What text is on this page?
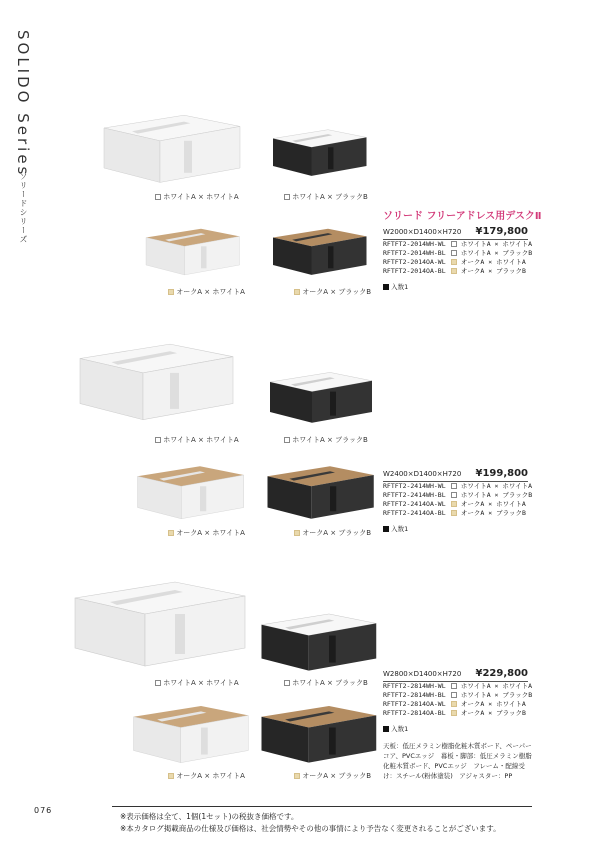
SOLIDO Series
ソリードシリーズ	ホワイトA × ホワイトA	ホワイトA × ブラックB
オークA × ホワイトA	オークA × ブラックB
ソリード フリーアドレス用デスクⅡ
W2000×D1400×H720 ¥179,800
RFTFT2-2014WH-WL ホワイトA × ホワイトA
RFTFT2-2014WH-BL ホワイトA × ブラックB
RFTFT2-2014OA-WL オークA × ホワイトA
RFTFT2-2014OA-BL オークA × ブラックB
入数1
ホワイトA × ホワイトA	ホワイトA × ブラックB
オークA × ホワイトA	オークA × ブラックB
W2400×D1400×H720 ¥199,800
RFTFT2-2414WH-WL ホワイトA × ホワイトA
RFTFT2-2414WH-BL ホワイトA × ブラックB
RFTFT2-2414OA-WL オークA × ホワイトA
RFTFT2-2414OA-BL オークA × ブラックB
入数1
ホワイトA × ホワイトA	ホワイトA × ブラックB
オークA × ホワイトA	オークA × ブラックB
W2800×D1400×H720 ¥229,800
RFTFT2-2814WH-WL ホワイトA × ホワイトA
RFTFT2-2814WH-BL ホワイトA × ブラックB
RFTFT2-2814OA-WL オークA × ホワイトA
RFTFT2-2814OA-BL オークA × ブラックB
入数1
天板：低圧メラミン樹脂化粧木質ボード、ペーパーコア、PVCエッジ　幕板・脚部：低圧メラミン樹脂化粧木質ボード、PVCエッジ　フレーム・配線受け：スチール(粉体塗装)　アジャスター：PP
076
※表示価格は全て、1個(1セット)の税抜き価格です。
※本カタログ掲載商品の仕様及び価格は、社会情勢やその他の事情により予告なく変更されることがございます。
